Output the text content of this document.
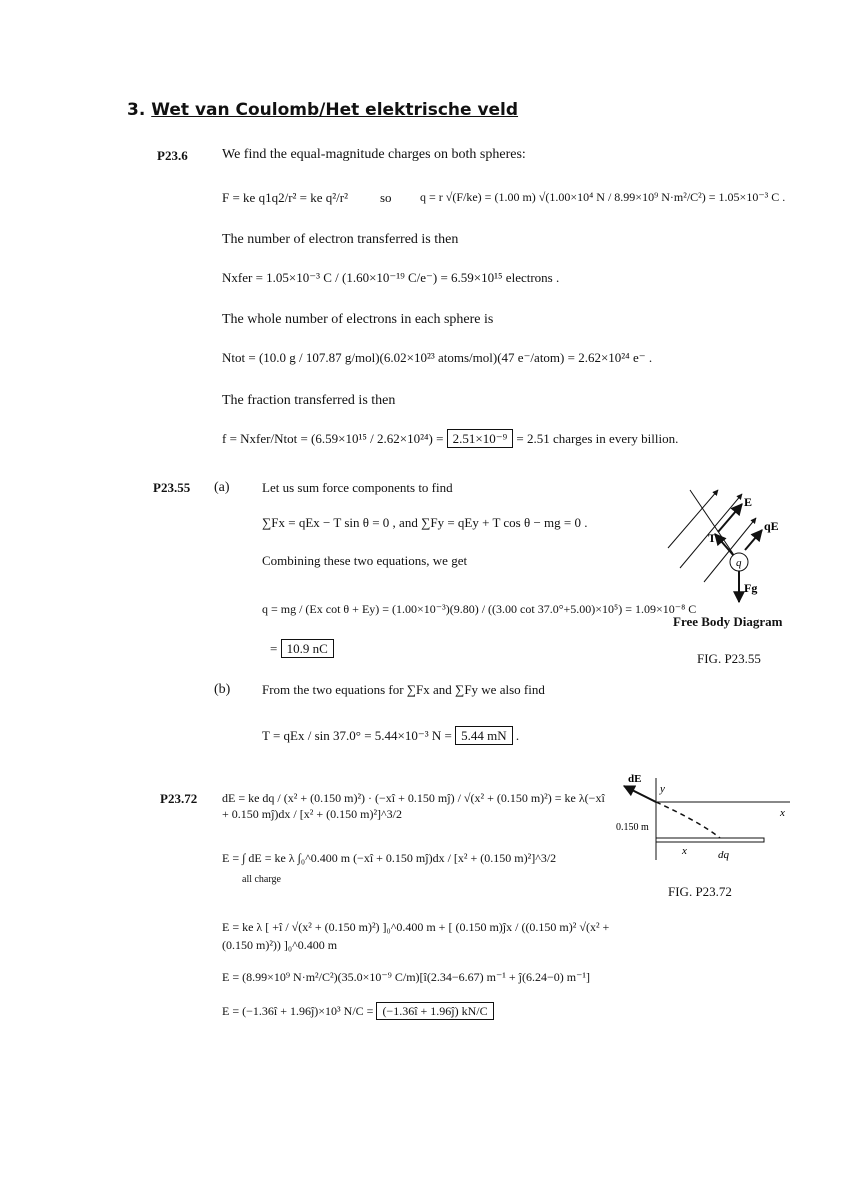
3. Wet van Coulomb/Het elektrische veld
P23.6 We find the equal-magnitude charges on both spheres:
F = ke q1q2/r² = ke q²/r² so q = r √(F/ke) = (1.00 m) √(1.00×10⁴ N / 8.99×10⁹ N·m²/C²) = 1.05×10⁻³ C .
The number of electron transferred is then
Nxfer = 1.05×10⁻³ C / (1.60×10⁻¹⁹ C/e⁻) = 6.59×10¹⁵ electrons .
The whole number of electrons in each sphere is
Ntot = (10.0 g / 107.87 g/mol)(6.02×10²³ atoms/mol)(47 e⁻/atom) = 2.62×10²⁴ e⁻ .
The fraction transferred is then
f = Nxfer/Ntot = (6.59×10¹⁵ / 2.62×10²⁴) = 2.51×10⁻⁹ = 2.51 charges in every billion.
P23.55 (a) Let us sum force components to find
∑Fx = qEx − T sin θ = 0 , and ∑Fy = qEy + T cos θ − mg = 0 .
Combining these two equations, we get
q = mg / (Ex cot θ + Ey) = (1.00×10⁻³)(9.80) / ((3.00 cot 37.0°+5.00)×10⁵) = 1.09×10⁻⁸ C
= 10.9 nC
(b) From the two equations for ∑Fx and ∑Fy we also find
T = qEx / sin 37.0° = 5.44×10⁻³ N = 5.44 mN .
E
qE
T
q
Fg
Free Body Diagram
FIG. P23.55
P23.72 dE = ke dq / (x² + (0.150 m)²) · (−xî + 0.150 mĵ) / √(x² + (0.150 m)²) = ke λ(−xî + 0.150 mĵ)dx / [x² + (0.150 m)²]^3/2
E = ∫ dE = ke λ ∫₀^0.400 m (−xî + 0.150 mĵ)dx / [x² + (0.150 m)²]^3/2
all charge
E = ke λ [ +î / √(x² + (0.150 m)²) ]₀^0.400 m + [ (0.150 m)ĵx / ((0.150 m)² √(x² + (0.150 m)²)) ]₀^0.400 m
E = (8.99×10⁹ N·m²/C²)(35.0×10⁻⁹ C/m)[î(2.34−6.67) m⁻¹ + ĵ(6.24−0) m⁻¹]
E = (−1.36î + 1.96ĵ)×10³ N/C = (−1.36î + 1.96ĵ) kN/C
y
x
dE
0.150 m
x	dq
FIG. P23.72
